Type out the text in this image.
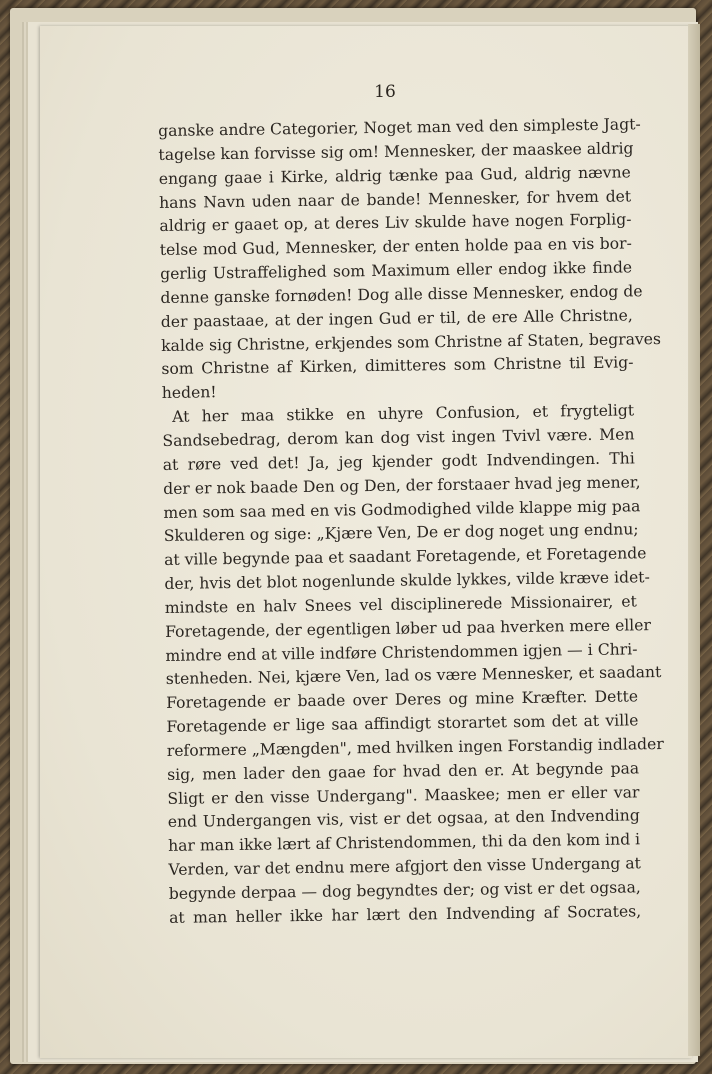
16
ganske andre Categorier, Noget man ved den simpleste Jagt-
tagelse kan forvisse sig om! Mennesker, der maaskee aldrig
engang gaae i Kirke, aldrig tænke paa Gud, aldrig nævne
hans Navn uden naar de bande! Mennesker, for hvem det
aldrig er gaaet op, at deres Liv skulde have nogen Forplig-
telse mod Gud, Mennesker, der enten holde paa en vis bor-
gerlig Ustraffelighed som Maximum eller endog ikke finde
denne ganske fornøden! Dog alle disse Mennesker, endog de
der paastaae, at der ingen Gud er til, de ere Alle Christne,
kalde sig Christne, erkjendes som Christne af Staten, begraves
som Christne af Kirken, dimitteres som Christne til Evig-
heden!
At her maa stikke en uhyre Confusion, et frygteligt
Sandsebedrag, derom kan dog vist ingen Tvivl være. Men
at røre ved det! Ja, jeg kjender godt Indvendingen. Thi
der er nok baade Den og Den, der forstaaer hvad jeg mener,
men som saa med en vis Godmodighed vilde klappe mig paa
Skulderen og sige: „Kjære Ven, De er dog noget ung endnu;
at ville begynde paa et saadant Foretagende, et Foretagende
der, hvis det blot nogenlunde skulde lykkes, vilde kræve idet-
mindste en halv Snees vel disciplinerede Missionairer, et
Foretagende, der egentligen løber ud paa hverken mere eller
mindre end at ville indføre Christendommen igjen — i Chri-
stenheden. Nei, kjære Ven, lad os være Mennesker, et saadant
Foretagende er baade over Deres og mine Kræfter. Dette
Foretagende er lige saa affindigt storartet som det at ville
reformere „Mængden", med hvilken ingen Forstandig indlader
sig, men lader den gaae for hvad den er. At begynde paa
Sligt er den visse Undergang". Maaskee; men er eller var
end Undergangen vis, vist er det ogsaa, at den Indvending
har man ikke lært af Christendommen, thi da den kom ind i
Verden, var det endnu mere afgjort den visse Undergang at
begynde derpaa — dog begyndtes der; og vist er det ogsaa,
at man heller ikke har lært den Indvending af Socrates,
